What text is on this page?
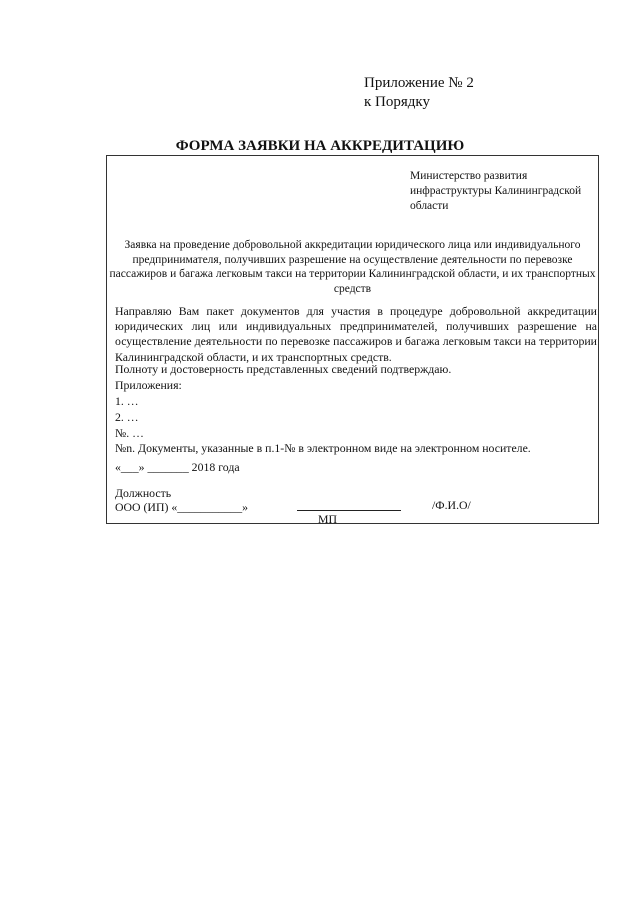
Приложение № 2
к Порядку
ФОРМА ЗАЯВКИ НА АККРЕДИТАЦИЮ
Министерство развития
инфраструктуры Калининградской
области
Заявка на проведение добровольной аккредитации юридического лица или индивидуального
предпринимателя, получивших разрешение на осуществление деятельности по перевозке
пассажиров и багажа легковым такси на территории Калининградской области, и их транспортных
средств

Направляю Вам пакет документов для участия в процедуре добровольной аккредитации юридических лиц или индивидуальных предпринимателей, получивших разрешение на осуществление деятельности по перевозке пассажиров и багажа легковым такси на территории Калининградской области, и их транспортных средств.

Полноту и достоверность представленных сведений подтверждаю.
Приложения:
1. …
2. …
№. …
№n. Документы, указанные в п.1-№ в электронном виде на электронном носителе.
«___» _______ 2018 года
Должность
ООО (ИП) «___________»	/Ф.И.О/
МП
